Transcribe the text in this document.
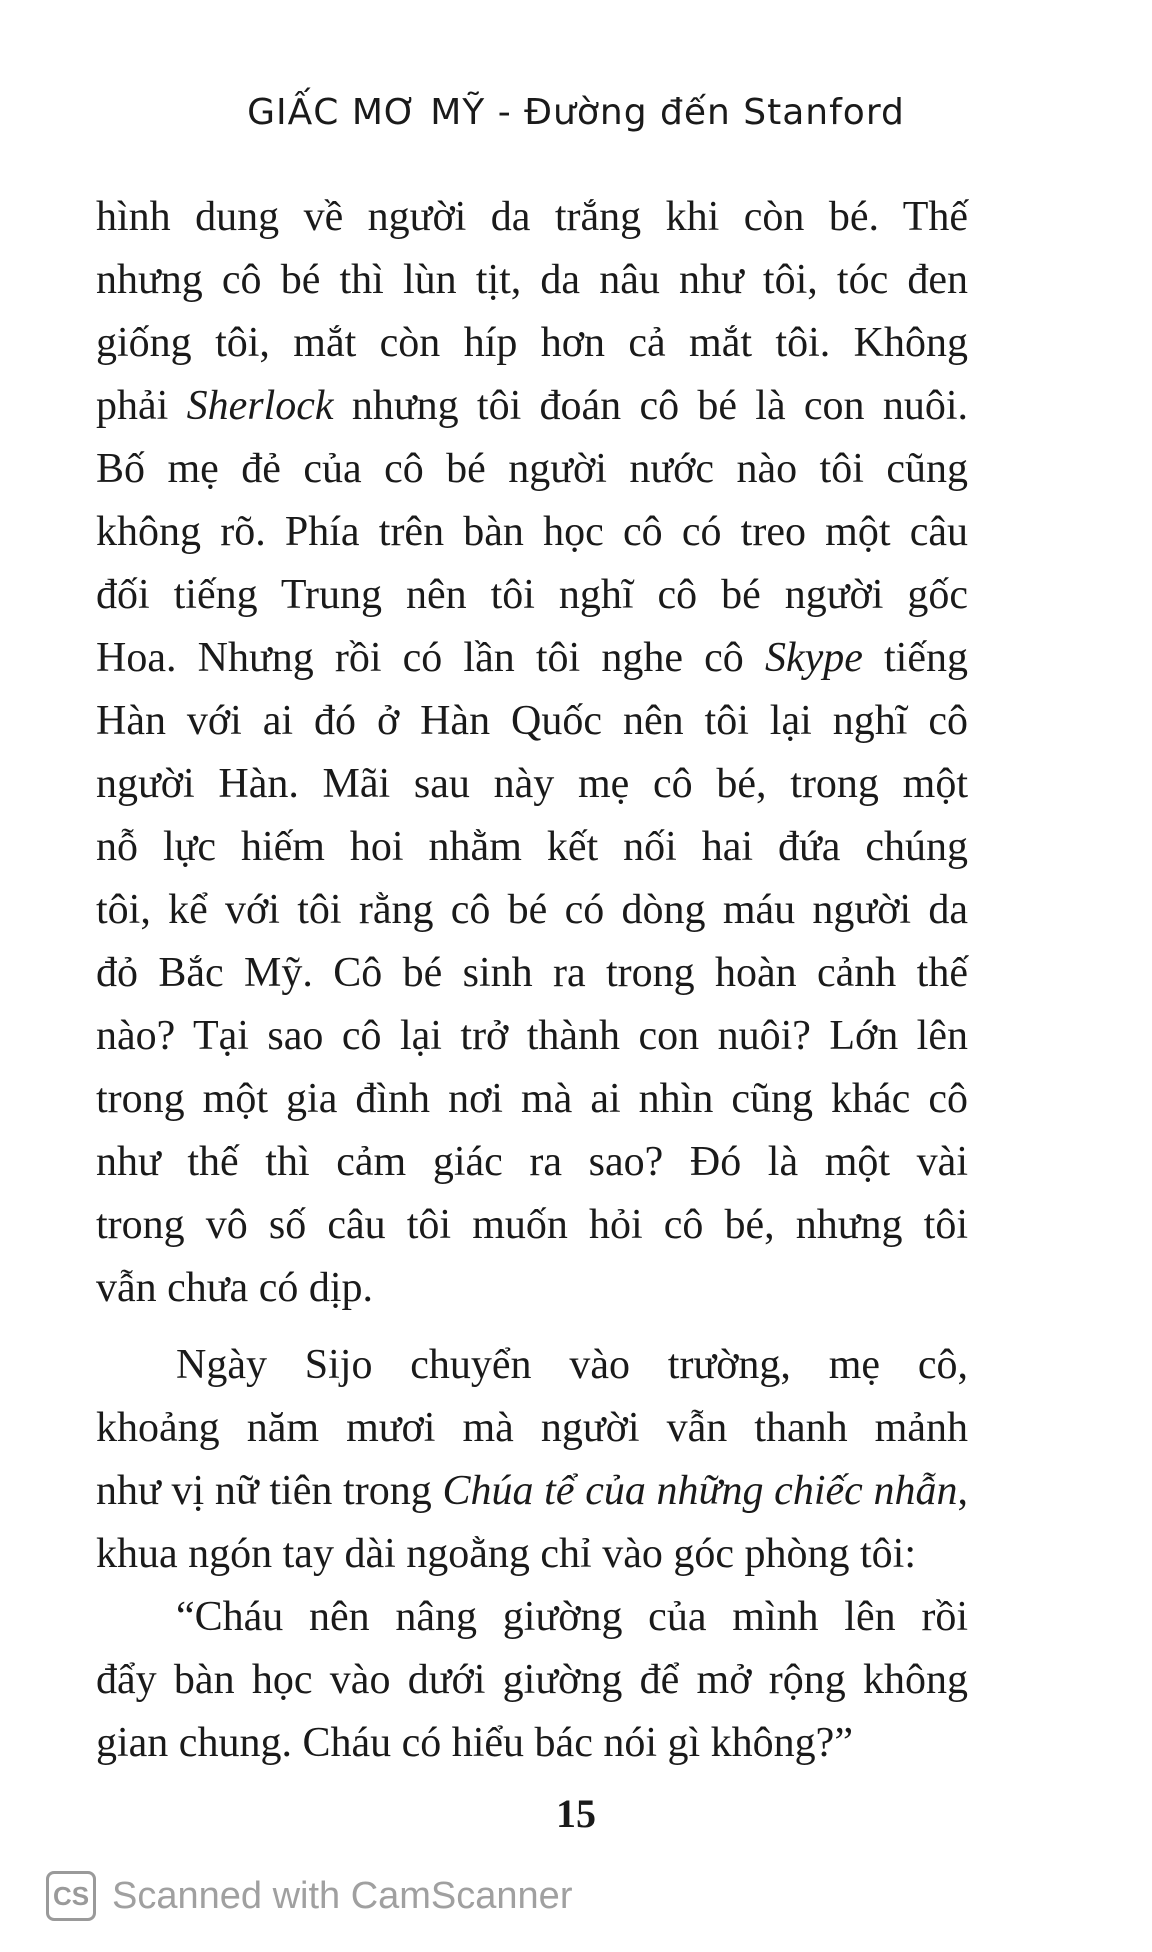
GIẤC MƠ MỸ - Đường đến Stanford
hình dung về người da trắng khi còn bé. Thế
nhưng cô bé thì lùn tịt, da nâu như tôi, tóc đen
giống tôi, mắt còn híp hơn cả mắt tôi. Không
phải Sherlock nhưng tôi đoán cô bé là con nuôi.
Bố mẹ đẻ của cô bé người nước nào tôi cũng
không rõ. Phía trên bàn học cô có treo một câu
đối tiếng Trung nên tôi nghĩ cô bé người gốc
Hoa. Nhưng rồi có lần tôi nghe cô Skype tiếng
Hàn với ai đó ở Hàn Quốc nên tôi lại nghĩ cô
người Hàn. Mãi sau này mẹ cô bé, trong một
nỗ lực hiếm hoi nhằm kết nối hai đứa chúng
tôi, kể với tôi rằng cô bé có dòng máu người da
đỏ Bắc Mỹ. Cô bé sinh ra trong hoàn cảnh thế
nào? Tại sao cô lại trở thành con nuôi? Lớn lên
trong một gia đình nơi mà ai nhìn cũng khác cô
như thế thì cảm giác ra sao? Đó là một vài
trong vô số câu tôi muốn hỏi cô bé, nhưng tôi
vẫn chưa có dịp.
Ngày Sijo chuyển vào trường, mẹ cô,
khoảng năm mươi mà người vẫn thanh mảnh
như vị nữ tiên trong Chúa tể của những chiếc nhẫn,
khua ngón tay dài ngoằng chỉ vào góc phòng tôi:
“Cháu nên nâng giường của mình lên rồi
đẩy bàn học vào dưới giường để mở rộng không
gian chung. Cháu có hiểu bác nói gì không?”
15
CS Scanned with CamScanner
